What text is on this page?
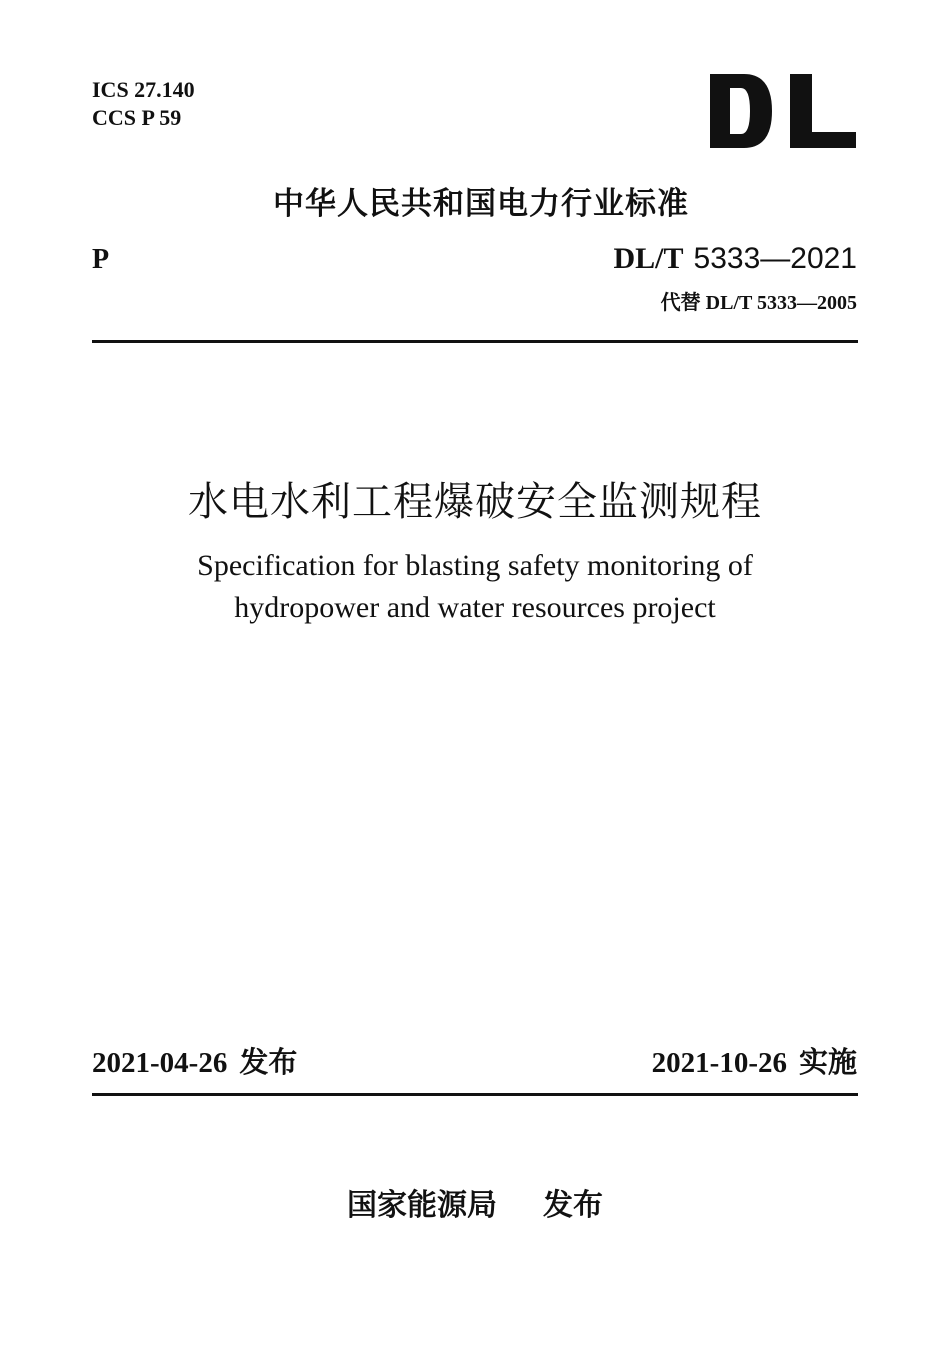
ICS 27.140
CCS P 59
中华人民共和国电力行业标准
P	DL/T 5333—2021
代替 DL/T 5333—2005
水电水利工程爆破安全监测规程
Specification for blasting safety monitoring of
hydropower and water resources project
2021-04-26 发布	2021-10-26 实施
国家能源局 发布
